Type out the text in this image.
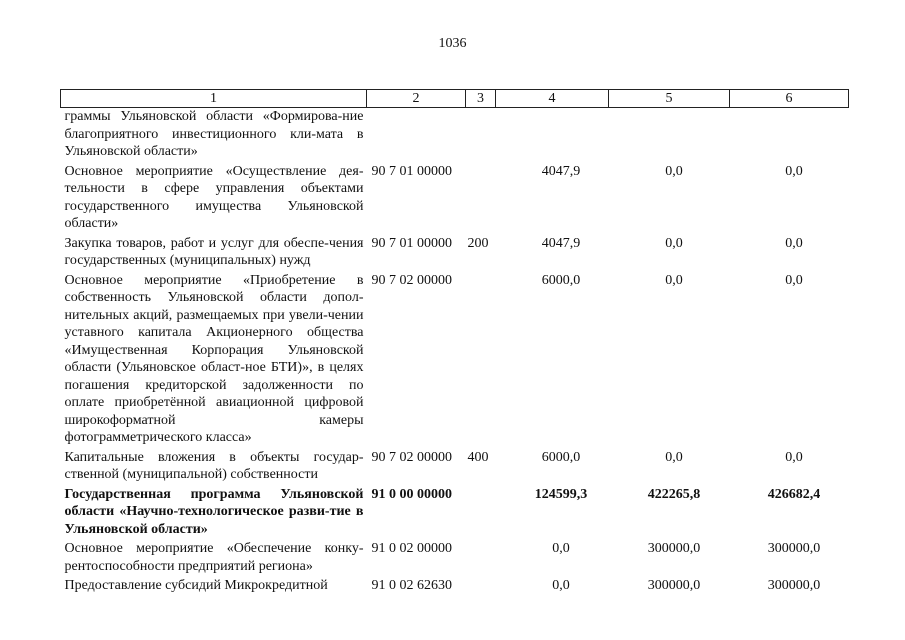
1036
1	2	3	4	5	6
граммы Ульяновской области «Формирова-ние благоприятного инвестиционного кли-мата в Ульяновской области»					
Основное мероприятие «Осуществление дея-тельности в сфере управления объектами государственного имущества Ульяновской области»	90 7 01 00000		4047,9	0,0	0,0
Закупка товаров, работ и услуг для обеспе-чения государственных (муниципальных) нужд	90 7 01 00000	200	4047,9	0,0	0,0
Основное мероприятие «Приобретение в собственность Ульяновской области допол-нительных акций, размещаемых при увели-чении уставного капитала Акционерного общества «Имущественная Корпорация Ульяновской области (Ульяновское област-ное БТИ)», в целях погашения кредиторской задолженности по оплате приобретённой авиационной цифровой широкоформатной камеры фотограмметрического класса»	90 7 02 00000		6000,0	0,0	0,0
Капитальные вложения в объекты государ-ственной (муниципальной) собственности	90 7 02 00000	400	6000,0	0,0	0,0
Государственная программа Ульяновской области «Научно-технологическое разви-тие в Ульяновской области»	91 0 00 00000		124599,3	422265,8	426682,4
Основное мероприятие «Обеспечение конку-рентоспособности предприятий региона»	91 0 02 00000		0,0	300000,0	300000,0
Предоставление субсидий Микрокредитной	91 0 02 62630		0,0	300000,0	300000,0
